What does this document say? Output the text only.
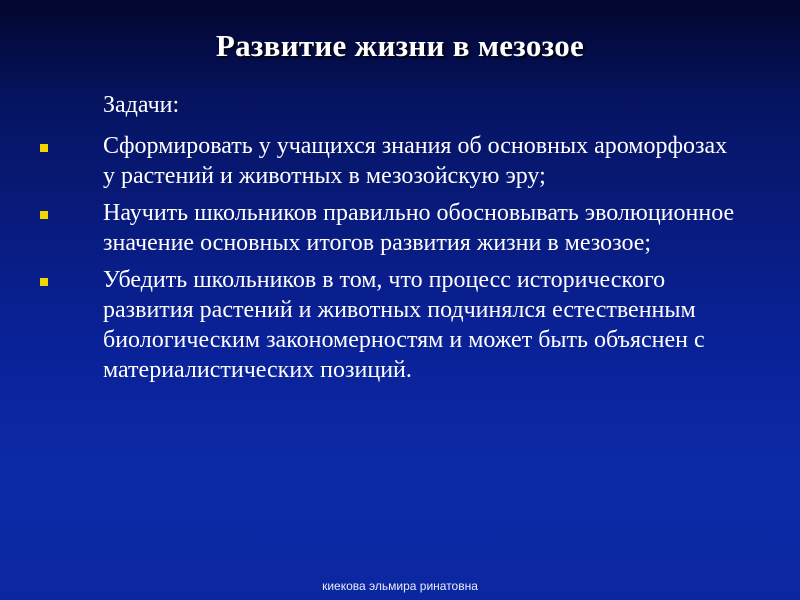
Развитие жизни в мезозое
Задачи:
Сформировать у учащихся знания об основных ароморфозах у растений и животных в мезозойскую эру;
Научить школьников правильно обосновывать эволюционное значение основных итогов развития жизни в мезозое;
Убедить школьников в том, что процесс исторического развития растений и животных подчинялся естественным биологическим закономерностям и может быть объяснен с материалистических позиций.
киекова эльмира ринатовна
